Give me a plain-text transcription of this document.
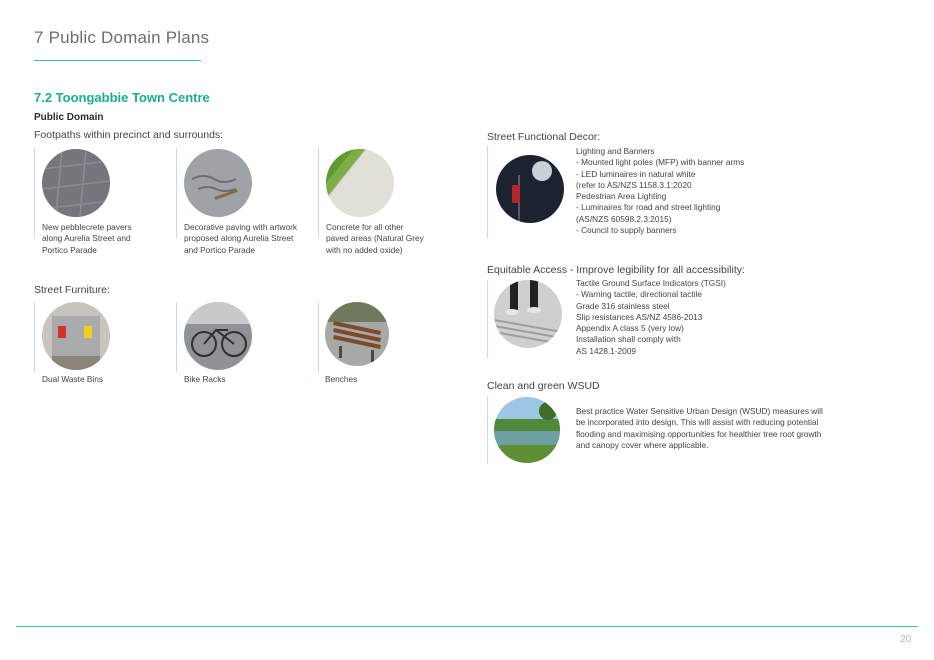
7 Public Domain Plans
7.2 Toongabbie Town Centre
Public Domain
Footpaths within precinct and surrounds:
New pebblecrete pavers
along Aurelia Street and
Portico Parade
Decorative paving with artwork
proposed along Aurelia Street
and Portico Parade
Concrete for all other
paved areas (Natural Grey
with no added oxide)
Street Furniture:
Dual Waste Bins	Bike Racks	Benches
Street Functional Decor:
Lighting and Banners
- Mounted light poles (MFP) with banner arms
- LED luminaires in natural white
(refer to AS/NZS 1158.3.1:2020
Pedestrian Area Lighting
- Luminaires for road and street lighting
(AS/NZS 60598.2.3:2015)
- Council to supply banners
Equitable Access - Improve legibility for all accessibility:
Tactile Ground Surface Indicators (TGSI)
- Warning tactile, directional tactile
Grade 316 stainless steel
Slip resistances AS/NZ 4586-2013
Appendix A class 5 (very low)
Installation shall comply with
AS 1428.1-2009
Clean and green WSUD
Best practice Water Sensitive Urban Design (WSUD) measures will
be incorporated into design. This will assist with reducing potential
flooding and maximising opportunities for healthier tree root growth
and canopy cover where applicable.
20
